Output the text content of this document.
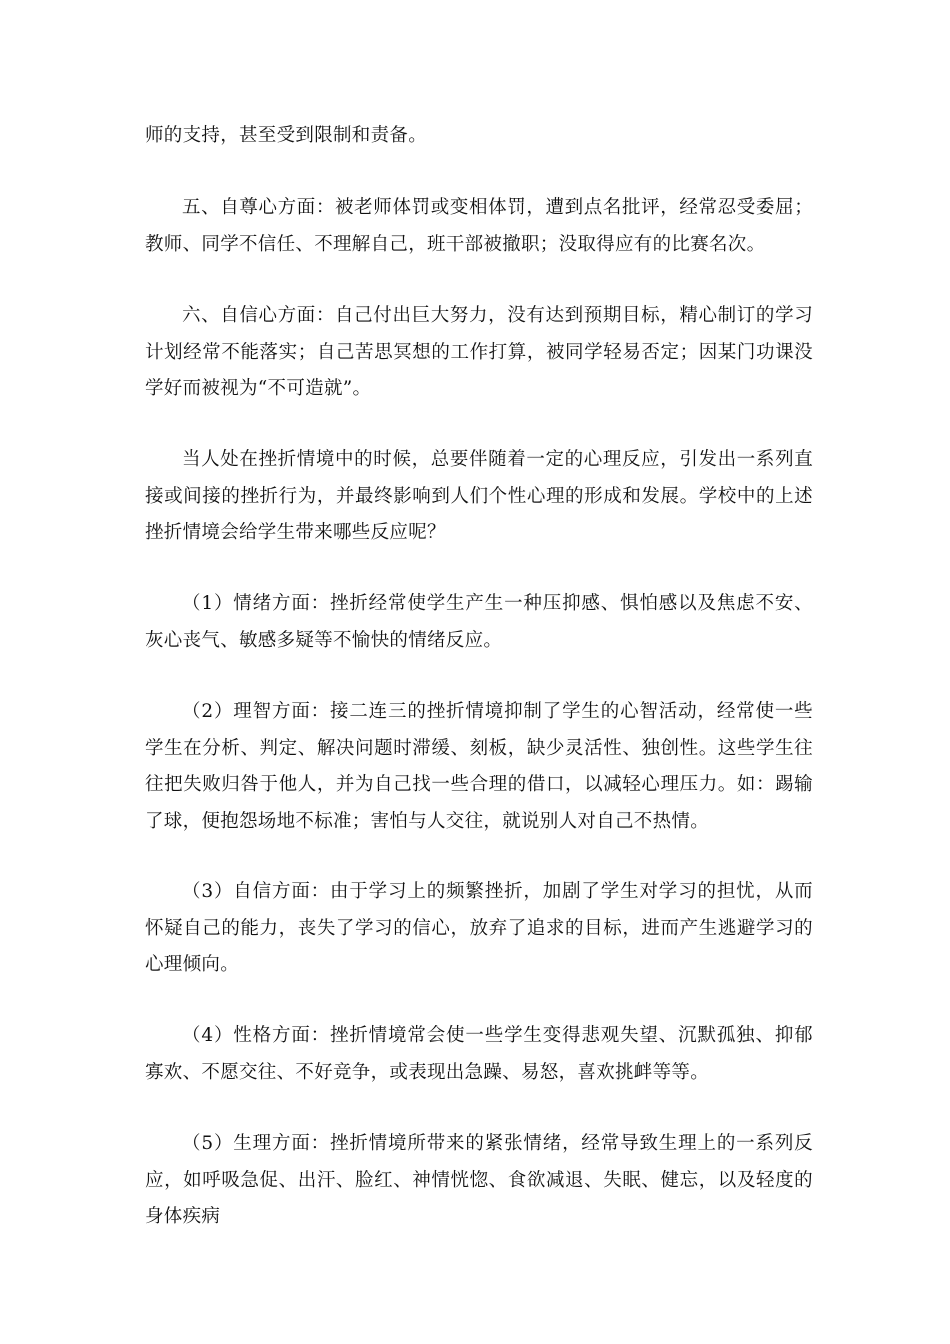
师的支持，甚至受到限制和责备。

五、自尊心方面：被老师体罚或变相体罚，遭到点名批评，经常忍受委屈；教师、同学不信任、不理解自己，班干部被撤职；没取得应有的比赛名次。

六、自信心方面：自己付出巨大努力，没有达到预期目标，精心制订的学习计划经常不能落实；自己苦思冥想的工作打算，被同学轻易否定；因某门功课没学好而被视为“不可造就”。

当人处在挫折情境中的时候，总要伴随着一定的心理反应，引发出一系列直接或间接的挫折行为，并最终影响到人们个性心理的形成和发展。学校中的上述挫折情境会给学生带来哪些反应呢？

（1）情绪方面：挫折经常使学生产生一种压抑感、惧怕感以及焦虑不安、灰心丧气、敏感多疑等不愉快的情绪反应。

（2）理智方面：接二连三的挫折情境抑制了学生的心智活动，经常使一些学生在分析、判定、解决问题时滞缓、刻板，缺少灵活性、独创性。这些学生往往把失败归咎于他人，并为自己找一些合理的借口，以减轻心理压力。如：踢输了球，便抱怨场地不标准；害怕与人交往，就说别人对自己不热情。

（3）自信方面：由于学习上的频繁挫折，加剧了学生对学习的担忧，从而怀疑自己的能力，丧失了学习的信心，放弃了追求的目标，进而产生逃避学习的心理倾向。

（4）性格方面：挫折情境常会使一些学生变得悲观失望、沉默孤独、抑郁寡欢、不愿交往、不好竞争，或表现出急躁、易怒，喜欢挑衅等等。

（5）生理方面：挫折情境所带来的紧张情绪，经常导致生理上的一系列反应，如呼吸急促、出汗、脸红、神情恍惚、食欲减退、失眠、健忘，以及轻度的身体疾病
